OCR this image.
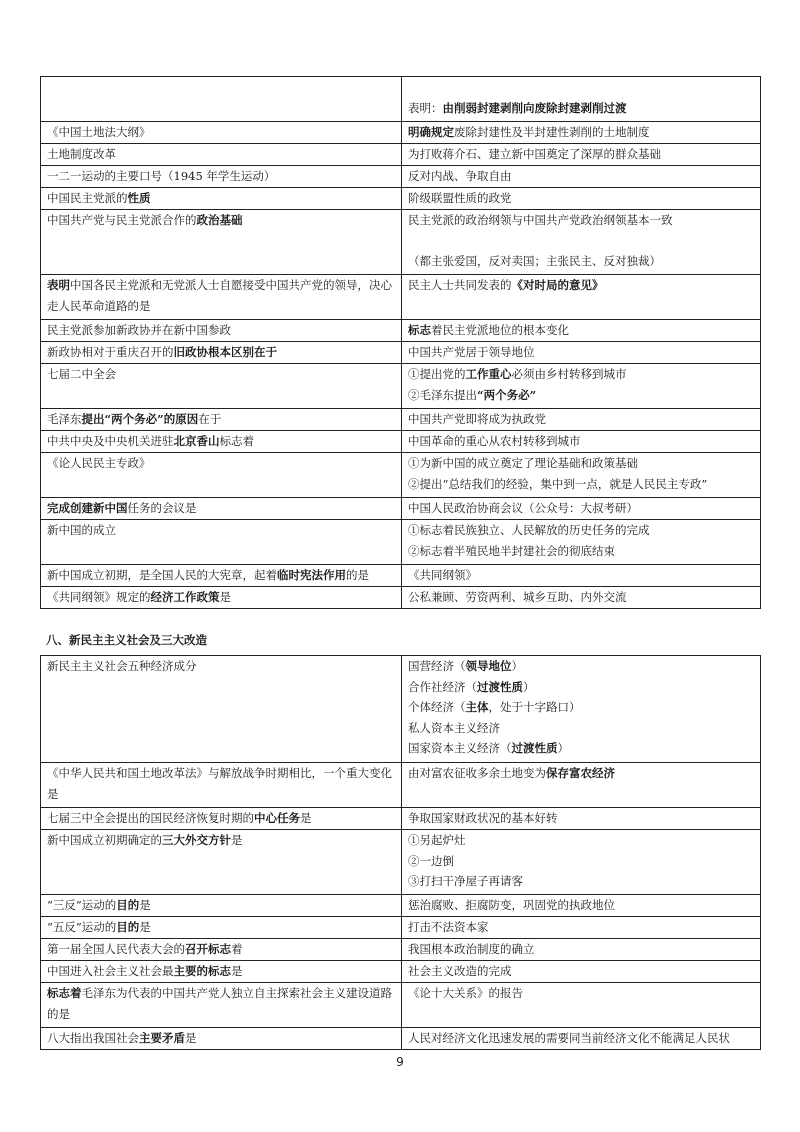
	表明：由削弱封建剥削向废除封建剥削过渡

《中国土地法大纲》	明确规定废除封建性及半封建性剥削的土地制度

土地制度改革	为打败蒋介石、建立新中国奠定了深厚的群众基础

一二一运动的主要口号（1945 年学生运动）	反对内战、争取自由

中国民主党派的性质	阶级联盟性质的政党

中国共产党与民主党派合作的政治基础	民主党派的政治纲领与中国共产党政治纲领基本一致
（都主张爱国，反对卖国；主张民主、反对独裁）

表明中国各民主党派和无党派人士自愿接受中国共产党的领导，决心走人民革命道路的是	民主人士共同发表的《对时局的意见》

民主党派参加新政协并在新中国参政	标志着民主党派地位的根本变化

新政协相对于重庆召开的旧政协根本区别在于	中国共产党居于领导地位

七届二中全会	①提出党的工作重心必须由乡村转移到城市
②毛泽东提出“两个务必”

毛泽东提出“两个务必”的原因在于	中国共产党即将成为执政党

中共中央及中央机关进驻北京香山标志着	中国革命的重心从农村转移到城市

《论人民民主专政》	①为新中国的成立奠定了理论基础和政策基础
②提出“总结我们的经验，集中到一点，就是人民民主专政”

完成创建新中国任务的会议是	中国人民政治协商会议（公众号：大叔考研）

新中国的成立	①标志着民族独立、人民解放的历史任务的完成
②标志着半殖民地半封建社会的彻底结束

新中国成立初期，是全国人民的大宪章，起着临时宪法作用的是	《共同纲领》

《共同纲领》规定的经济工作政策是	公私兼顾、劳资两利、城乡互助、内外交流
八、新民主主义社会及三大改造
新民主主义社会五种经济成分	国营经济（领导地位）
合作社经济（过渡性质）
个体经济（主体，处于十字路口）
私人资本主义经济
国家资本主义经济（过渡性质）

《中华人民共和国土地改革法》与解放战争时期相比，一个重大变化是	由对富农征收多余土地变为保存富农经济

七届三中全会提出的国民经济恢复时期的中心任务是	争取国家财政状况的基本好转

新中国成立初期确定的三大外交方针是	①另起炉灶
②一边倒
③打扫干净屋子再请客

“三反”运动的目的是	惩治腐败、拒腐防变，巩固党的执政地位

“五反”运动的目的是	打击不法资本家

第一届全国人民代表大会的召开标志着	我国根本政治制度的确立

中国进入社会主义社会最主要的标志是	社会主义改造的完成

标志着毛泽东为代表的中国共产党人独立自主探索社会主义建设道路的是	《论十大关系》的报告

八大指出我国社会主要矛盾是	人民对经济文化迅速发展的需要同当前经济文化不能满足人民状
9
